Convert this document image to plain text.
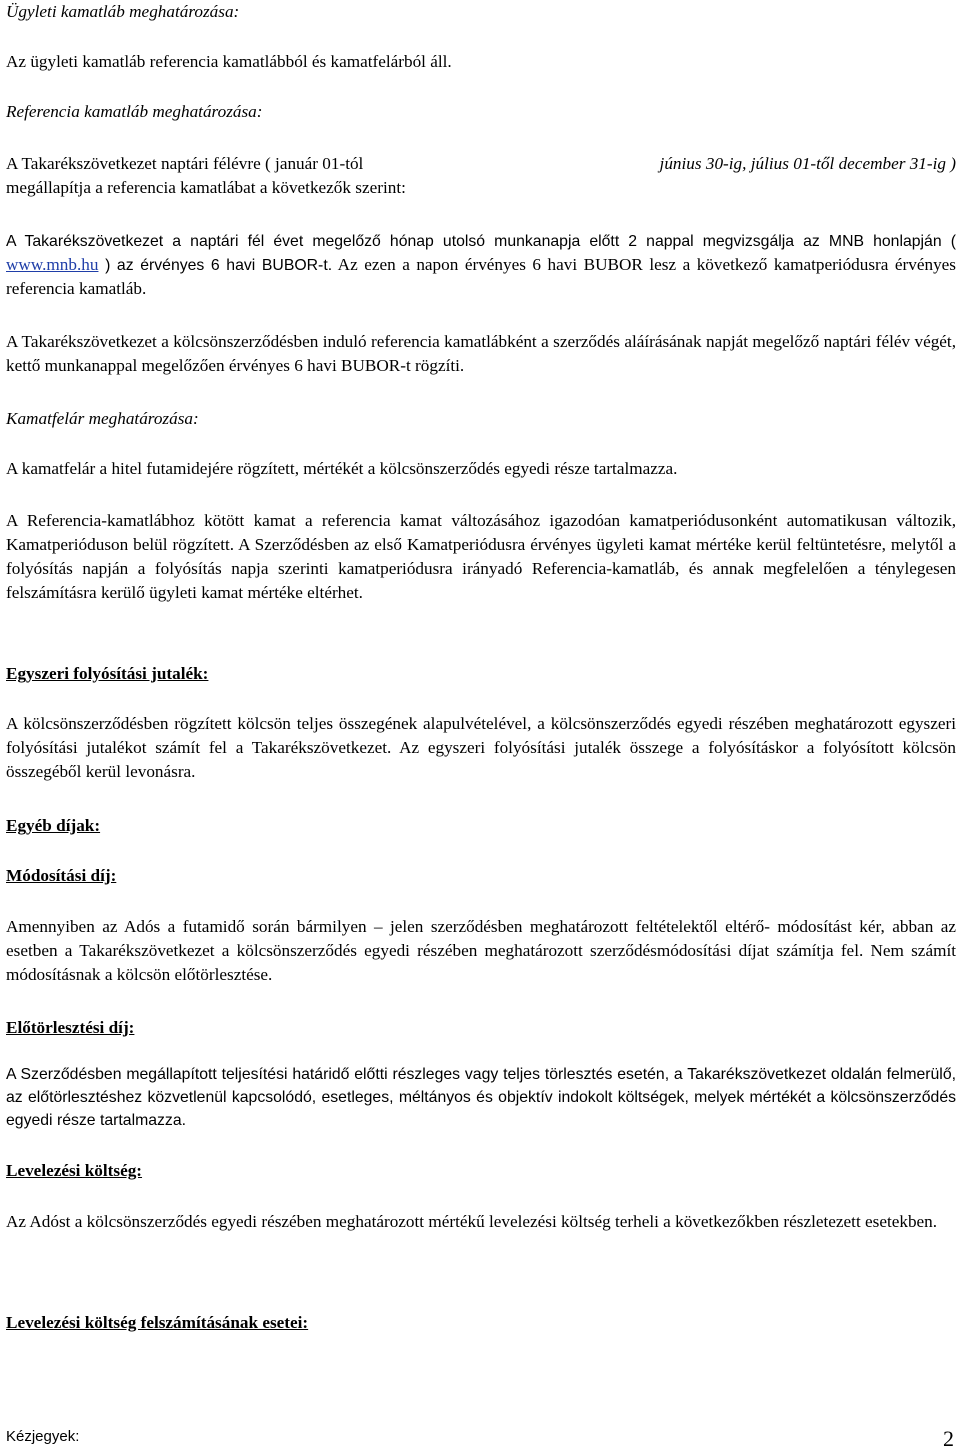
Ügyleti kamatláb meghatározása:
Az ügyleti kamatláb referencia kamatlábból és kamatfelárból áll.
Referencia kamatláb meghatározása:
A Takarékszövetkezet naptári félévre ( január 01-tól	június 30-ig, július 01-től december 31-ig )
megállapítja a referencia kamatlábat a következők szerint:
A Takarékszövetkezet a naptári fél évet megelőző hónap utolsó munkanapja előtt 2 nappal megvizsgálja az MNB honlapján ( www.mnb.hu ) az érvényes 6 havi BUBOR-t. Az ezen a napon érvényes 6 havi BUBOR lesz a következő kamatperiódusra érvényes referencia kamatláb.
A Takarékszövetkezet a kölcsönszerződésben induló referencia kamatlábként a szerződés aláírásának napját megelőző naptári félév végét, kettő munkanappal megelőzően érvényes 6 havi BUBOR-t rögzíti.
Kamatfelár meghatározása:
A kamatfelár a hitel futamidejére rögzített, mértékét a kölcsönszerződés egyedi része tartalmazza.
A Referencia-kamatlábhoz kötött kamat a referencia kamat változásához igazodóan kamatperiódusonként automatikusan változik, Kamatperióduson belül rögzített. A Szerződésben az első Kamatperiódusra érvényes ügyleti kamat mértéke kerül feltüntetésre, melytől a folyósítás napján a folyósítás napja szerinti kamatperiódusra irányadó Referencia-kamatláb, és annak megfelelően a ténylegesen felszámításra kerülő ügyleti kamat mértéke eltérhet.
Egyszeri folyósítási jutalék:
A kölcsönszerződésben rögzített kölcsön teljes összegének alapulvételével, a kölcsönszerződés egyedi részében meghatározott egyszeri folyósítási jutalékot számít fel a Takarékszövetkezet. Az egyszeri folyósítási jutalék összege a folyósításkor a folyósított kölcsön összegéből kerül levonásra.
Egyéb díjak:
Módosítási díj:
Amennyiben az Adós a futamidő során bármilyen – jelen szerződésben meghatározott feltételektől eltérő- módosítást kér, abban az esetben a Takarékszövetkezet a kölcsönszerződés egyedi részében meghatározott szerződésmódosítási díjat számítja fel. Nem számít módosításnak a kölcsön előtörlesztése.
Előtörlesztési díj:
A Szerződésben megállapított teljesítési határidő előtti részleges vagy teljes törlesztés esetén, a Takarékszövetkezet oldalán felmerülő, az előtörlesztéshez közvetlenül kapcsolódó, esetleges, méltányos és objektív indokolt költségek, melyek mértékét a kölcsönszerződés egyedi része tartalmazza.
Levelezési költség:
Az Adóst a kölcsönszerződés egyedi részében meghatározott mértékű levelezési költség terheli a következőkben részletezett esetekben.
Levelezési költség felszámításának esetei:
Kézjegyek:	2
